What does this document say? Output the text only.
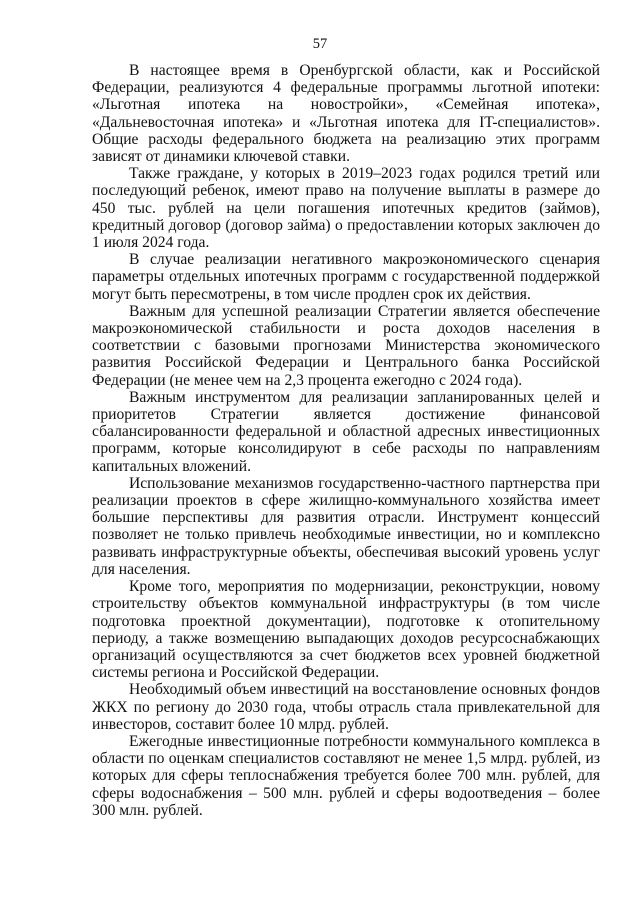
57

В настоящее время в Оренбургской области, как и Российской Федерации, реализуются 4 федеральные программы льготной ипотеки: «Льготная ипотека на новостройки», «Семейная ипотека», «Дальневосточная ипотека» и «Льготная ипотека для IT-специалистов». Общие расходы федерального бюджета на реализацию этих программ зависят от динамики ключевой ставки.

Также граждане, у которых в 2019–2023 годах родился третий или последующий ребенок, имеют право на получение выплаты в размере до 450 тыс. рублей на цели погашения ипотечных кредитов (займов), кредитный договор (договор займа) о предоставлении которых заключен до 1 июля 2024 года.

В случае реализации негативного макроэкономического сценария параметры отдельных ипотечных программ с государственной поддержкой могут быть пересмотрены, в том числе продлен срок их действия.

Важным для успешной реализации Стратегии является обеспечение макроэкономической стабильности и роста доходов населения в соответствии с базовыми прогнозами Министерства экономического развития Российской Федерации и Центрального банка Российской Федерации (не менее чем на 2,3 процента ежегодно с 2024 года).

Важным инструментом для реализации запланированных целей и приоритетов Стратегии является достижение финансовой сбалансированности федеральной и областной адресных инвестиционных программ, которые консолидируют в себе расходы по направлениям капитальных вложений.

Использование механизмов государственно-частного партнерства при реализации проектов в сфере жилищно-коммунального хозяйства имеет большие перспективы для развития отрасли. Инструмент концессий позволяет не только привлечь необходимые инвестиции, но и комплексно развивать инфраструктурные объекты, обеспечивая высокий уровень услуг для населения.

Кроме того, мероприятия по модернизации, реконструкции, новому строительству объектов коммунальной инфраструктуры (в том числе подготовка проектной документации), подготовке к отопительному периоду, а также возмещению выпадающих доходов ресурсоснабжающих организаций осуществляются за счет бюджетов всех уровней бюджетной системы региона и Российской Федерации.

Необходимый объем инвестиций на восстановление основных фондов ЖКХ по региону до 2030 года, чтобы отрасль стала привлекательной для инвесторов, составит более 10 млрд. рублей.

Ежегодные инвестиционные потребности коммунального комплекса в области по оценкам специалистов составляют не менее 1,5 млрд. рублей, из которых для сферы теплоснабжения требуется более 700 млн. рублей, для сферы водоснабжения – 500 млн. рублей и сферы водоотведения – более 300 млн. рублей.
